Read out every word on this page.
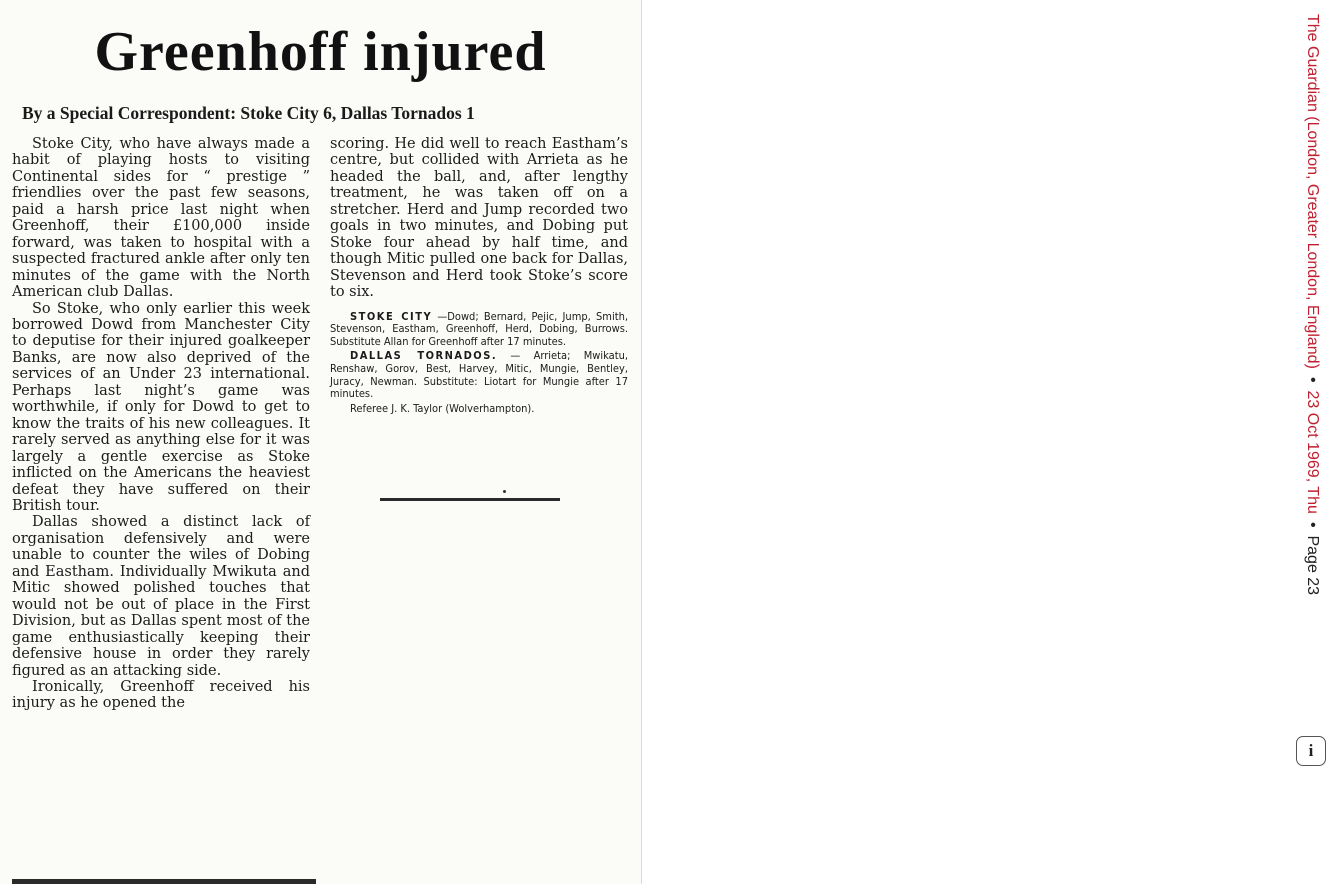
Greenhoff injured
By a Special Correspondent: Stoke City 6, Dallas Tornados 1

Stoke City, who have always made a habit of playing hosts to visiting Continental sides for “ prestige ” friendlies over the past few seasons, paid a harsh price last night when Greenhoff, their £100,000 inside forward, was taken to hospital with a suspected fractured ankle after only ten minutes of the game with the North American club Dallas.

So Stoke, who only earlier this week borrowed Dowd from Manchester City to deputise for their injured goalkeeper Banks, are now also deprived of the services of an Under 23 international. Perhaps last night’s game was worthwhile, if only for Dowd to get to know the traits of his new colleagues. It rarely served as anything else for it was largely a gentle exercise as Stoke inflicted on the Americans the heaviest defeat they have suffered on their British tour.

Dallas showed a distinct lack of organisation defensively and were unable to counter the wiles of Dobing and Eastham. Individually Mwikuta and Mitic showed polished touches that would not be out of place in the First Division, but as Dallas spent most of the game enthusiastically keeping their defensive house in order they rarely figured as an attacking side.

Ironically, Greenhoff received his injury as he opened the

scoring. He did well to reach Eastham’s centre, but collided with Arrieta as he headed the ball, and, after lengthy treatment, he was taken off on a stretcher. Herd and Jump recorded two goals in two minutes, and Dobing put Stoke four ahead by half time, and though Mitic pulled one back for Dallas, Stevenson and Herd took Stoke’s score to six.

STOKE CITY —Dowd; Bernard, Pejic, Jump, Smith, Stevenson, Eastham, Greenhoff, Herd, Dobing, Burrows. Substitute Allan for Greenhoff after 17 minutes.

DALLAS TORNADOS. — Arrieta; Mwikatu, Renshaw, Gorov, Best, Harvey, Mitic, Mungie, Bentley, Juracy, Newman. Substitute: Liotart for Mungie after 17 minutes.

Referee J. K. Taylor (Wolverhampton).

The Guardian (London, Greater London, England)•23 Oct 1969, Thu•Page 23
i
